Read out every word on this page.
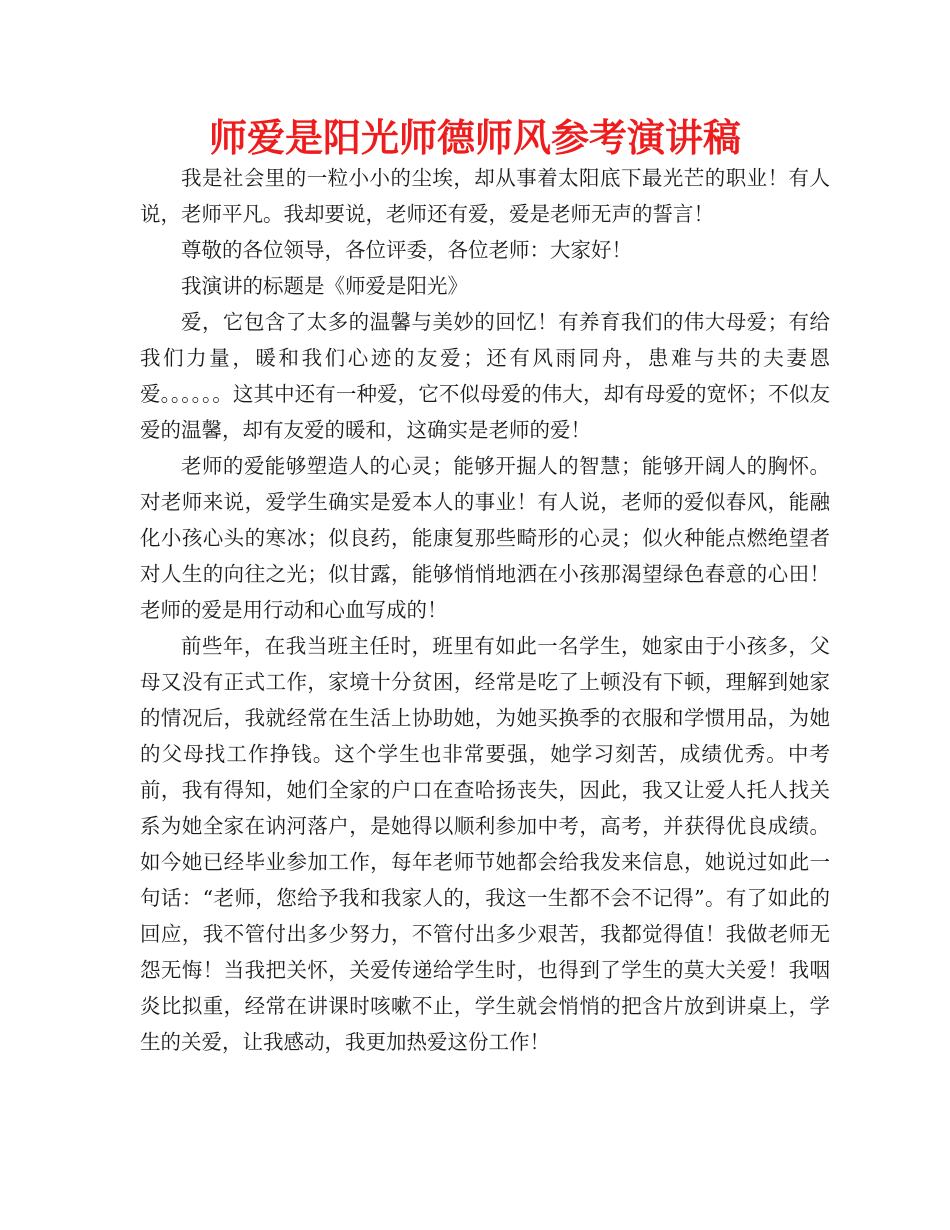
师爱是阳光师德师风参考演讲稿

我是社会里的一粒小小的尘埃，却从事着太阳底下最光芒的职业！有人说，老师平凡。我却要说，老师还有爱，爱是老师无声的誓言！

尊敬的各位领导，各位评委，各位老师：大家好！

我演讲的标题是《师爱是阳光》

爱，它包含了太多的温馨与美妙的回忆！有养育我们的伟大母爱；有给我们力量，暖和我们心迹的友爱；还有风雨同舟，患难与共的夫妻恩爱。。。。。。这其中还有一种爱，它不似母爱的伟大，却有母爱的宽怀；不似友爱的温馨，却有友爱的暖和，这确实是老师的爱！

老师的爱能够塑造人的心灵；能够开掘人的智慧；能够开阔人的胸怀。对老师来说，爱学生确实是爱本人的事业！有人说，老师的爱似春风，能融化小孩心头的寒冰；似良药，能康复那些畸形的心灵；似火种能点燃绝望者对人生的向往之光；似甘露，能够悄悄地洒在小孩那渴望绿色春意的心田！老师的爱是用行动和心血写成的！

前些年，在我当班主任时，班里有如此一名学生，她家由于小孩多，父母又没有正式工作，家境十分贫困，经常是吃了上顿没有下顿，理解到她家的情况后，我就经常在生活上协助她，为她买换季的衣服和学惯用品，为她的父母找工作挣钱。这个学生也非常要强，她学习刻苦，成绩优秀。中考前，我有得知，她们全家的户口在查哈扬丧失，因此，我又让爱人托人找关系为她全家在讷河落户，是她得以顺利参加中考，高考，并获得优良成绩。如今她已经毕业参加工作，每年老师节她都会给我发来信息，她说过如此一句话：“老师，您给予我和我家人的，我这一生都不会不记得”。有了如此的回应，我不管付出多少努力，不管付出多少艰苦，我都觉得值！我做老师无怨无悔！当我把关怀，关爱传递给学生时，也得到了学生的莫大关爱！我咽炎比拟重，经常在讲课时咳嗽不止，学生就会悄悄的把含片放到讲桌上，学生的关爱，让我感动，我更加热爱这份工作！
